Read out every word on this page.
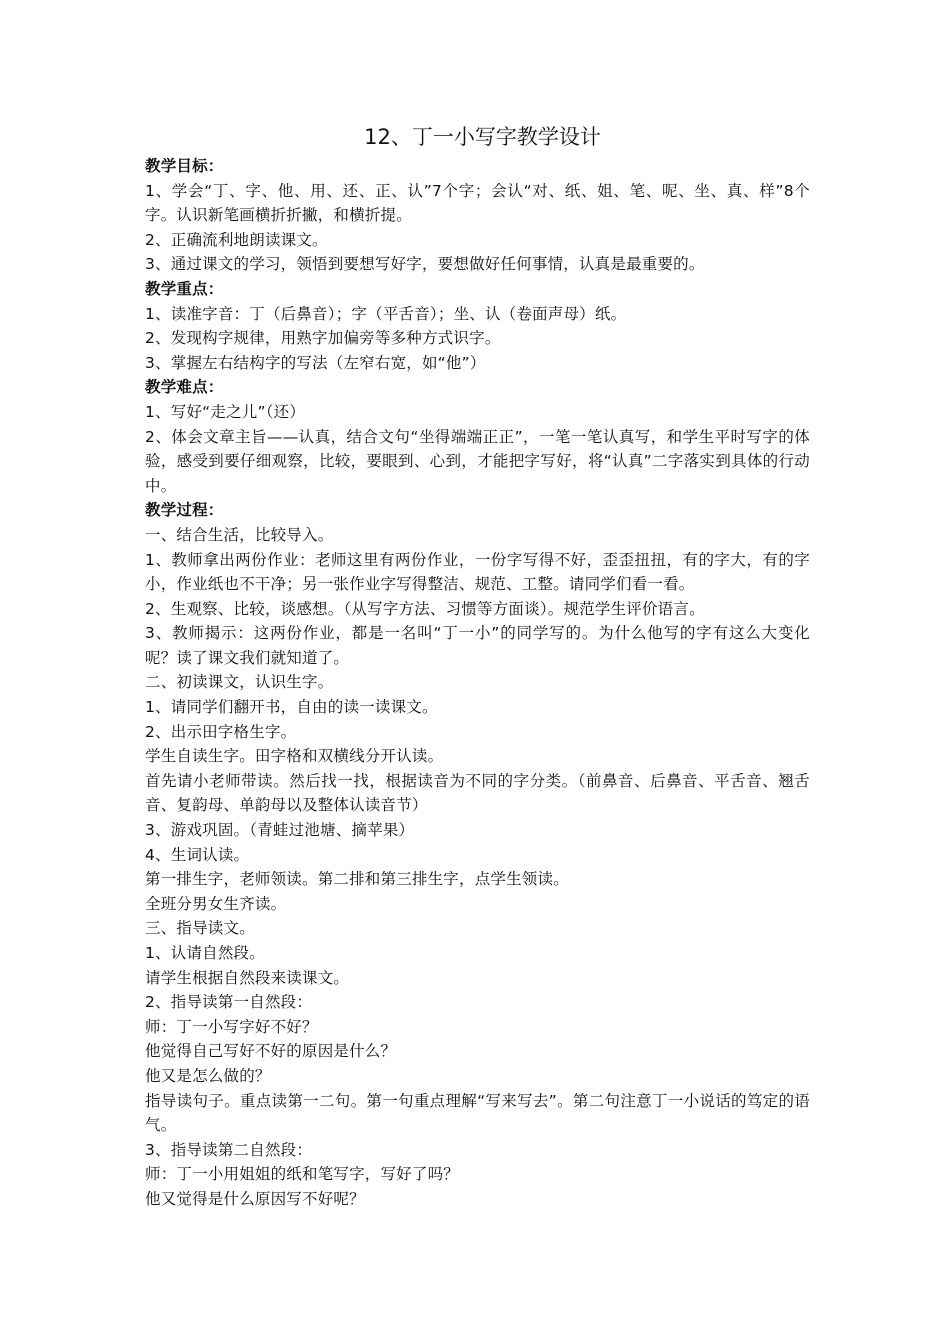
12、丁一小写字教学设计

教学目标：

1、学会“丁、字、他、用、还、正、认”7个字；会认“对、纸、姐、笔、呢、坐、真、样”8个字。认识新笔画横折折撇，和横折提。

2、正确流利地朗读课文。

3、通过课文的学习，领悟到要想写好字，要想做好任何事情，认真是最重要的。

教学重点：

1、读准字音：丁（后鼻音）；字（平舌音）；坐、认（卷面声母）纸。

2、发现构字规律，用熟字加偏旁等多种方式识字。

3、掌握左右结构字的写法（左窄右宽，如“他”）

教学难点：

1、写好“走之儿”（还）

2、体会文章主旨——认真，结合文句“坐得端端正正”，一笔一笔认真写，和学生平时写字的体验，感受到要仔细观察，比较，要眼到、心到，才能把字写好，将“认真”二字落实到具体的行动中。

教学过程：

一、结合生活，比较导入。

1、教师拿出两份作业：老师这里有两份作业，一份字写得不好，歪歪扭扭，有的字大，有的字小，作业纸也不干净；另一张作业字写得整洁、规范、工整。请同学们看一看。

2、生观察、比较，谈感想。（从写字方法、习惯等方面谈）。规范学生评价语言。

3、教师揭示：这两份作业，都是一名叫“丁一小”的同学写的。为什么他写的字有这么大变化呢？读了课文我们就知道了。

二、初读课文，认识生字。

1、请同学们翻开书，自由的读一读课文。

2、出示田字格生字。

学生自读生字。田字格和双横线分开认读。

首先请小老师带读。然后找一找，根据读音为不同的字分类。（前鼻音、后鼻音、平舌音、翘舌音、复韵母、单韵母以及整体认读音节）

3、游戏巩固。（青蛙过池塘、摘苹果）

4、生词认读。

第一排生字，老师领读。第二排和第三排生字，点学生领读。

全班分男女生齐读。

三、指导读文。

1、认请自然段。

请学生根据自然段来读课文。

2、指导读第一自然段：

师：丁一小写字好不好？

他觉得自己写好不好的原因是什么？

他又是怎么做的？

指导读句子。重点读第一二句。第一句重点理解“写来写去”。第二句注意丁一小说话的笃定的语气。

3、指导读第二自然段：

师：丁一小用姐姐的纸和笔写字，写好了吗？

他又觉得是什么原因写不好呢？
